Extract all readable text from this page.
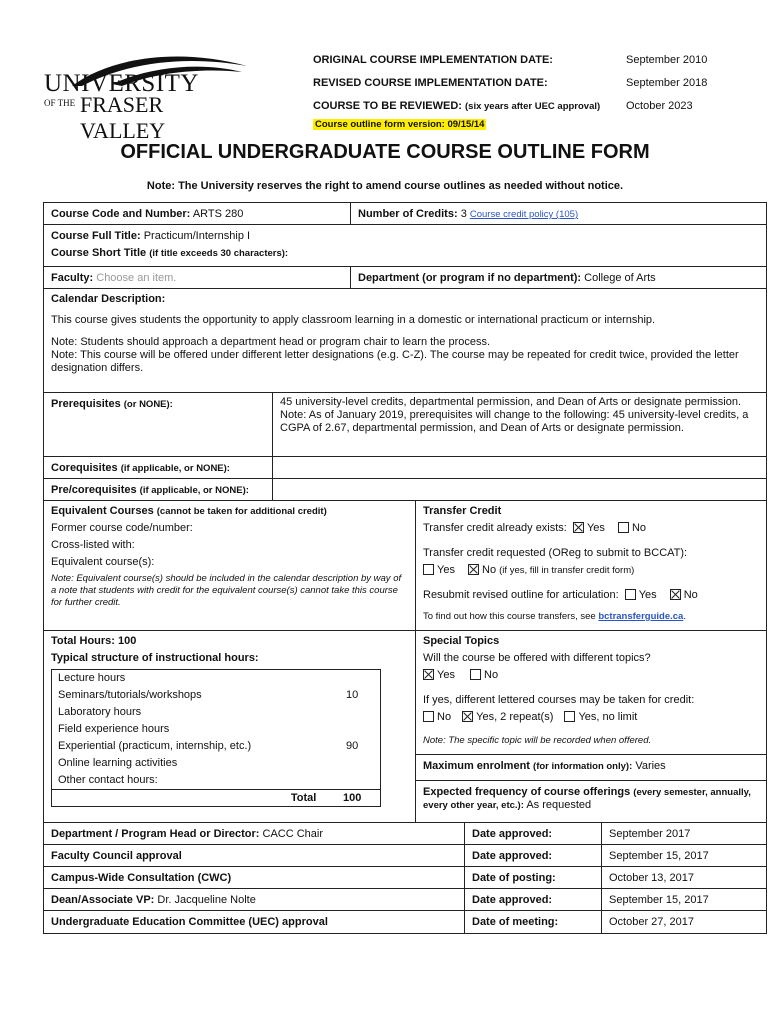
UNIVERSITY
OF THE FRASER VALLEY
ORIGINAL COURSE IMPLEMENTATION DATE:	September 2010
REVISED COURSE IMPLEMENTATION DATE:	September 2018
COURSE TO BE REVIEWED: (six years after UEC approval)	October 2023
Course outline form version: 09/15/14
OFFICIAL UNDERGRADUATE COURSE OUTLINE FORM
Note: The University reserves the right to amend course outlines as needed without notice.
Course Code and Number: ARTS 280	Number of Credits: 3 Course credit policy (105)
Course Full Title: Practicum/Internship I
Course Short Title (if title exceeds 30 characters):
Faculty: Choose an item.	Department (or program if no department): College of Arts
Calendar Description:
This course gives students the opportunity to apply classroom learning in a domestic or international practicum or internship.
Note: Students should approach a department head or program chair to learn the process.
Note: This course will be offered under different letter designations (e.g. C-Z). The course may be repeated for credit twice, provided the letter designation differs.
Prerequisites (or NONE):	45 university-level credits, departmental permission, and Dean of Arts or designate permission. Note: As of January 2019, prerequisites will change to the following: 45 university-level credits, a CGPA of 2.67, departmental permission, and Dean of Arts or designate permission.
Corequisites (if applicable, or NONE):
Pre/corequisites (if applicable, or NONE):
Equivalent Courses (cannot be taken for additional credit)
Former course code/number:
Cross-listed with:
Equivalent course(s):
Note: Equivalent course(s) should be included in the calendar description by way of a note that students with credit for the equivalent course(s) cannot take this course for further credit.
Transfer Credit
Transfer credit already exists: Yes No
Transfer credit requested (OReg to submit to BCCAT):
Yes No (if yes, fill in transfer credit form)
Resubmit revised outline for articulation: Yes No
To find out how this course transfers, see bctransferguide.ca.
Total Hours: 100
Typical structure of instructional hours:
Lecture hours
Seminars/tutorials/workshops	10
Laboratory hours
Field experience hours
Experiential (practicum, internship, etc.)	90
Online learning activities
Other contact hours:
Total	100
Special Topics
Will the course be offered with different topics?
Yes	No
If yes, different lettered courses may be taken for credit:
No Yes, 2 repeat(s) Yes, no limit
Note: The specific topic will be recorded when offered.
Maximum enrolment (for information only): Varies
Expected frequency of course offerings (every semester, annually, every other year, etc.): As requested
Department / Program Head or Director: CACC Chair	Date approved:	September 2017
Faculty Council approval	Date approved:	September 15, 2017
Campus-Wide Consultation (CWC)	Date of posting:	October 13, 2017
Dean/Associate VP: Dr. Jacqueline Nolte	Date approved:	September 15, 2017
Undergraduate Education Committee (UEC) approval	Date of meeting:	October 27, 2017
